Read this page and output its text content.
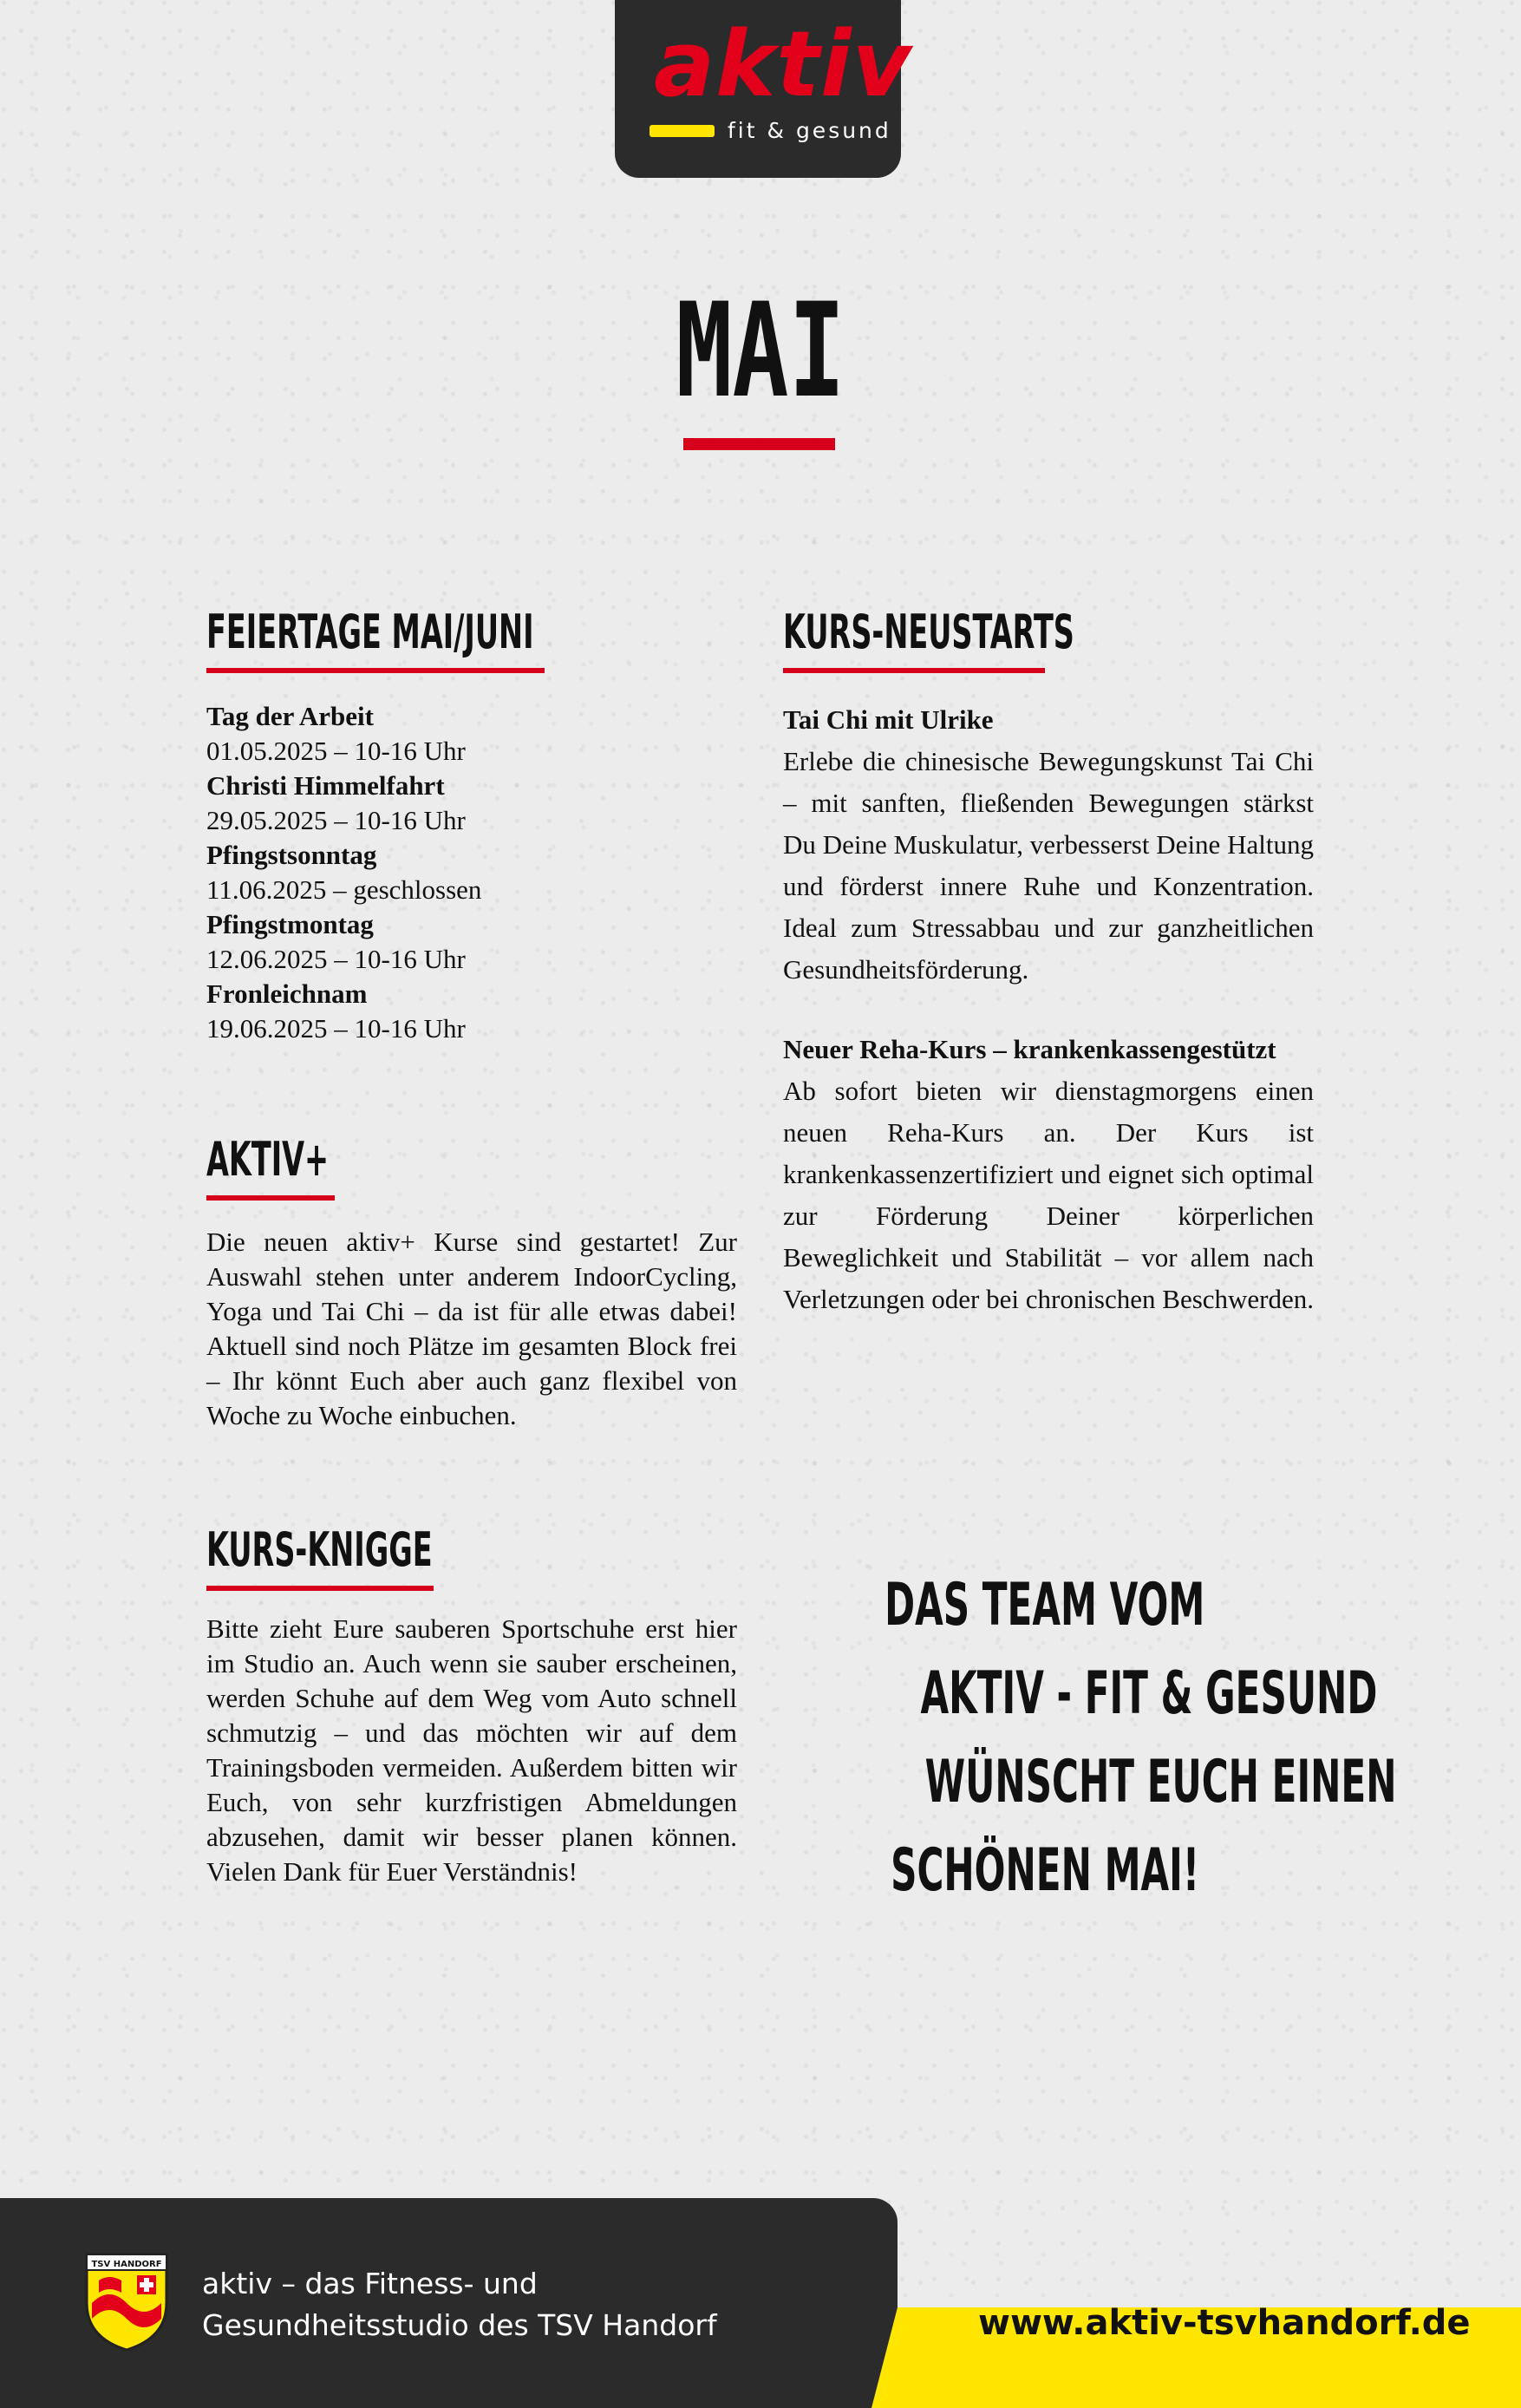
aktiv
fit & gesund
MAI
FEIERTAGE MAI/JUNI
Tag der Arbeit
01.05.2025 – 10-16 Uhr
Christi Himmelfahrt
29.05.2025 – 10-16 Uhr
Pfingstsonntag
11.06.2025 – geschlossen
Pfingstmontag
12.06.2025 – 10-16 Uhr
Fronleichnam
19.06.2025 – 10-16 Uhr
AKTIV+
Die neuen aktiv+ Kurse sind gestartet! Zur Auswahl stehen unter anderem IndoorCycling, Yoga und Tai Chi – da ist für alle etwas dabei! Aktuell sind noch Plätze im gesamten Block frei – Ihr könnt Euch aber auch ganz flexibel von Woche zu Woche einbuchen.
KURS-KNIGGE
Bitte zieht Eure sauberen Sportschuhe erst hier im Studio an. Auch wenn sie sauber erscheinen, werden Schuhe auf dem Weg vom Auto schnell schmutzig – und das möchten wir auf dem Trainingsboden vermeiden. Außerdem bitten wir Euch, von sehr kurzfristigen Abmeldungen abzusehen, damit wir besser planen können. Vielen Dank für Euer Verständnis!
KURS-NEUSTARTS
Tai Chi mit Ulrike
Erlebe die chinesische Bewegungskunst Tai Chi – mit sanften, fließenden Bewegungen stärkst Du Deine Muskulatur, verbesserst Deine Haltung und förderst innere Ruhe und Konzentration. Ideal zum Stressabbau und zur ganzheitlichen Gesundheitsförderung.
Neuer Reha-Kurs – krankenkassengestützt
Ab sofort bieten wir dienstagmorgens einen neuen Reha-Kurs an. Der Kurs ist krankenkassenzertifiziert und eignet sich optimal zur Förderung Deiner körperlichen Beweglichkeit und Stabilität – vor allem nach Verletzungen oder bei chronischen Beschwerden.
DAS TEAM VOM
AKTIV - FIT & GESUND
WÜNSCHT EUCH EINEN
SCHÖNEN MAI!
TSV HANDORF
aktiv – das Fitness- und
Gesundheitsstudio des TSV Handorf	www.aktiv-tsvhandorf.de
